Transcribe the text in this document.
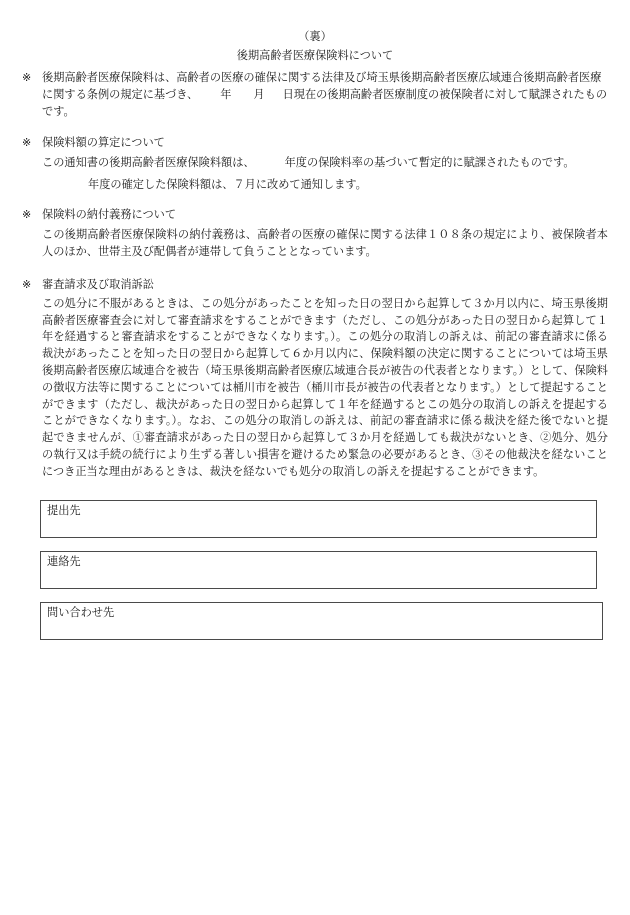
（裏）
後期高齢者医療保険料について
※ 後期高齢者医療保険料は、高齢者の医療の確保に関する法律及び埼玉県後期高齢者医療広域連合後期高齢者医療に関する条例の規定に基づき、 年 月 日現在の後期高齢者医療制度の被保険者に対して賦課されたものです。
※ 保険料額の算定について
この通知書の後期高齢者医療保険料額は、	年度の保険料率の基づいて暫定的に賦課されたものです。
年度の確定した保険料額は、７月に改めて通知します。
※ 保険料の納付義務について
この後期高齢者医療保険料の納付義務は、高齢者の医療の確保に関する法律１０８条の規定により、被保険者本人のほか、世帯主及び配偶者が連帯して負うこととなっています。
※ 審査請求及び取消訴訟
この処分に不服があるときは、この処分があったことを知った日の翌日から起算して３か月以内に、埼玉県後期高齢者医療審査会に対して審査請求をすることができます（ただし、この処分があった日の翌日から起算して１年を経過すると審査請求をすることができなくなります。）。この処分の取消しの訴えは、前記の審査請求に係る裁決があったことを知った日の翌日から起算して６か月以内に、保険料額の決定に関することについては埼玉県後期高齢者医療広域連合を被告（埼玉県後期高齢者医療広域連合長が被告の代表者となります。）として、保険料の徴収方法等に関することについては桶川市を被告（桶川市長が被告の代表者となります。）として提起することができます（ただし、裁決があった日の翌日から起算して１年を経過するとこの処分の取消しの訴えを提起することができなくなります。）。なお、この処分の取消しの訴えは、前記の審査請求に係る裁決を経た後でないと提起できませんが、①審査請求があった日の翌日から起算して３か月を経過しても裁決がないとき、②処分、処分の執行又は手続の続行により生ずる著しい損害を避けるため緊急の必要があるとき、③その他裁決を経ないことにつき正当な理由があるときは、裁決を経ないでも処分の取消しの訴えを提起することができます。
提出先
連絡先
問い合わせ先
